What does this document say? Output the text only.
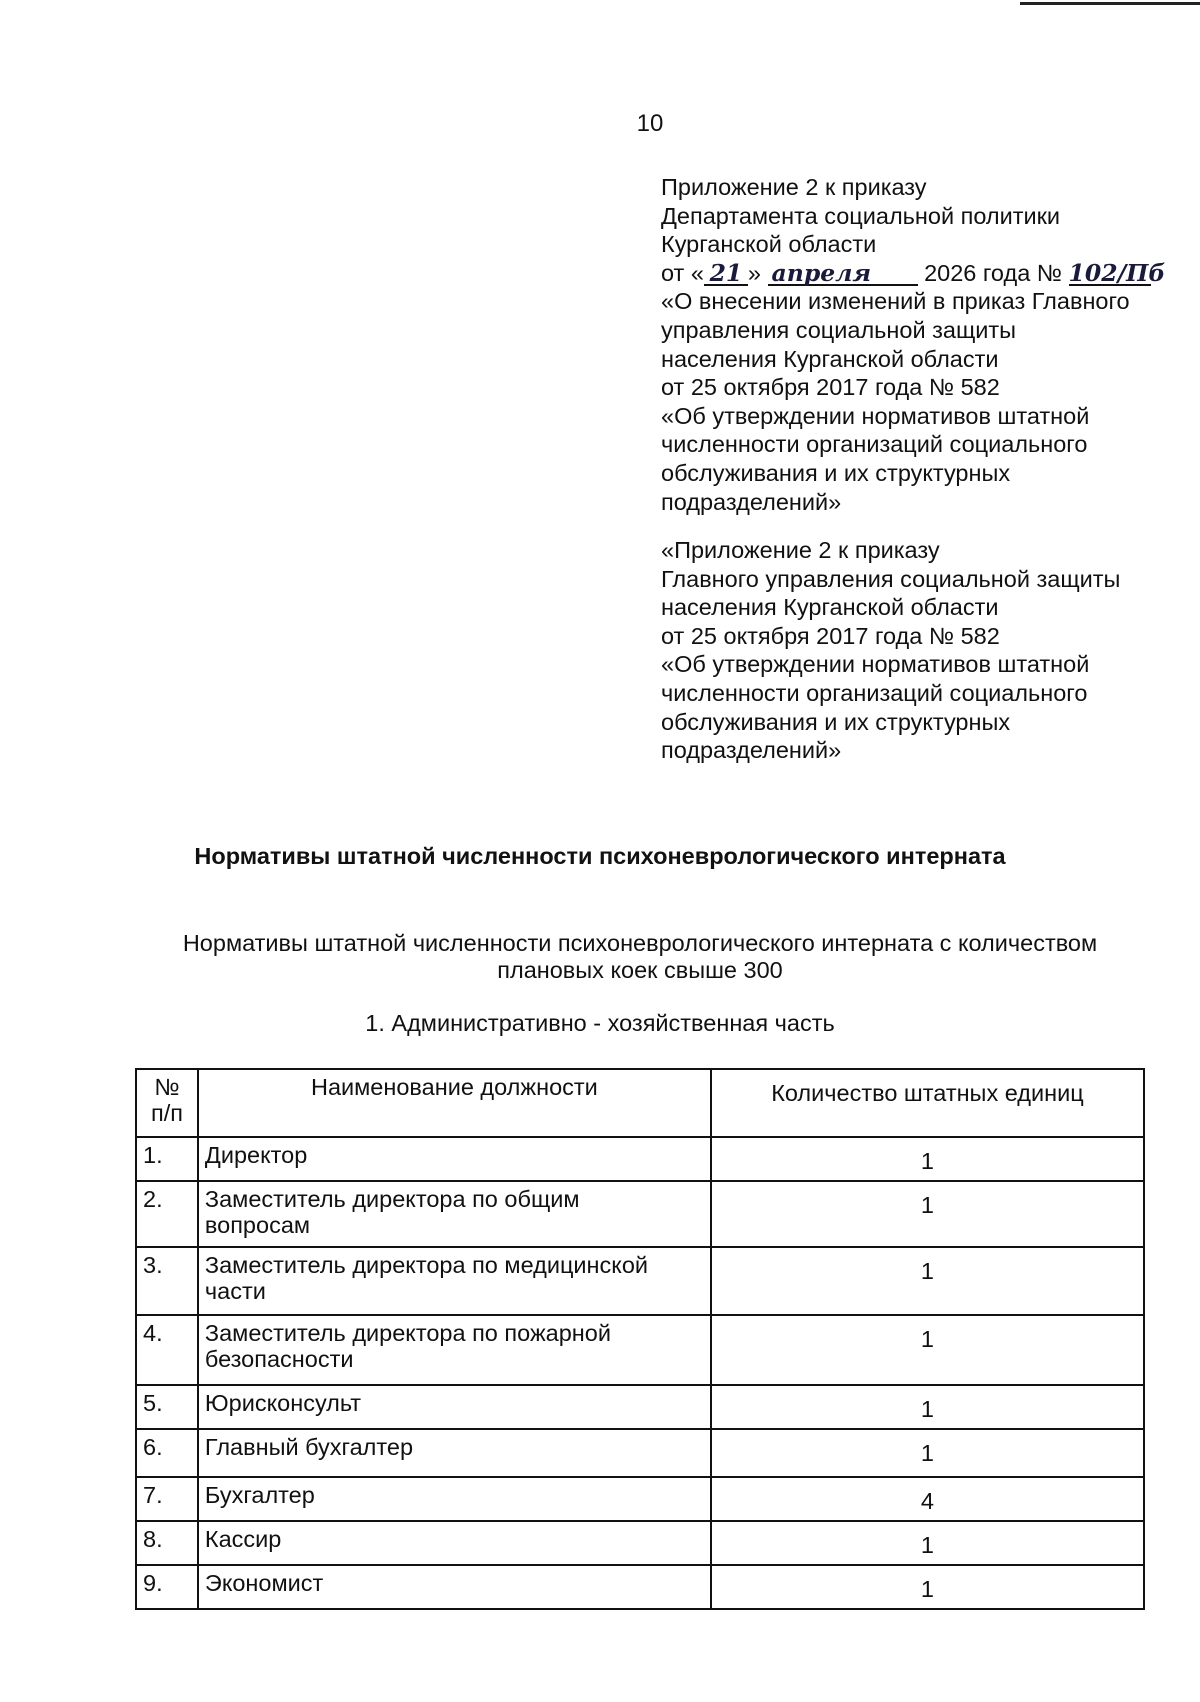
10
Приложение 2 к приказу
Департамента социальной политики
Курганской области
от « 21 » апреля 2026 года № 102/Пб
«О внесении изменений в приказ Главного
управления социальной защиты
населения Курганской области
от 25 октября 2017 года № 582
«Об утверждении нормативов штатной
численности организаций социального
обслуживания и их структурных
подразделений»
«Приложение 2 к приказу
Главного управления социальной защиты
населения Курганской области
от 25 октября 2017 года № 582
«Об утверждении нормативов штатной
численности организаций социального
обслуживания и их структурных
подразделений»
Нормативы штатной численности психоневрологического интерната
Нормативы штатной численности психоневрологического интерната с количеством
плановых коек свыше 300
1. Административно - хозяйственная часть
№
п/п	Наименование должности	Количество штатных единиц
1.	Директор	1
2.	Заместитель директора по общим
вопросам	1
3.	Заместитель директора по медицинской
части	1
4.	Заместитель директора по пожарной
безопасности	1
5.	Юрисконсульт	1
6.	Главный бухгалтер	1
7.	Бухгалтер	4
8.	Кассир	1
9.	Экономист	1
